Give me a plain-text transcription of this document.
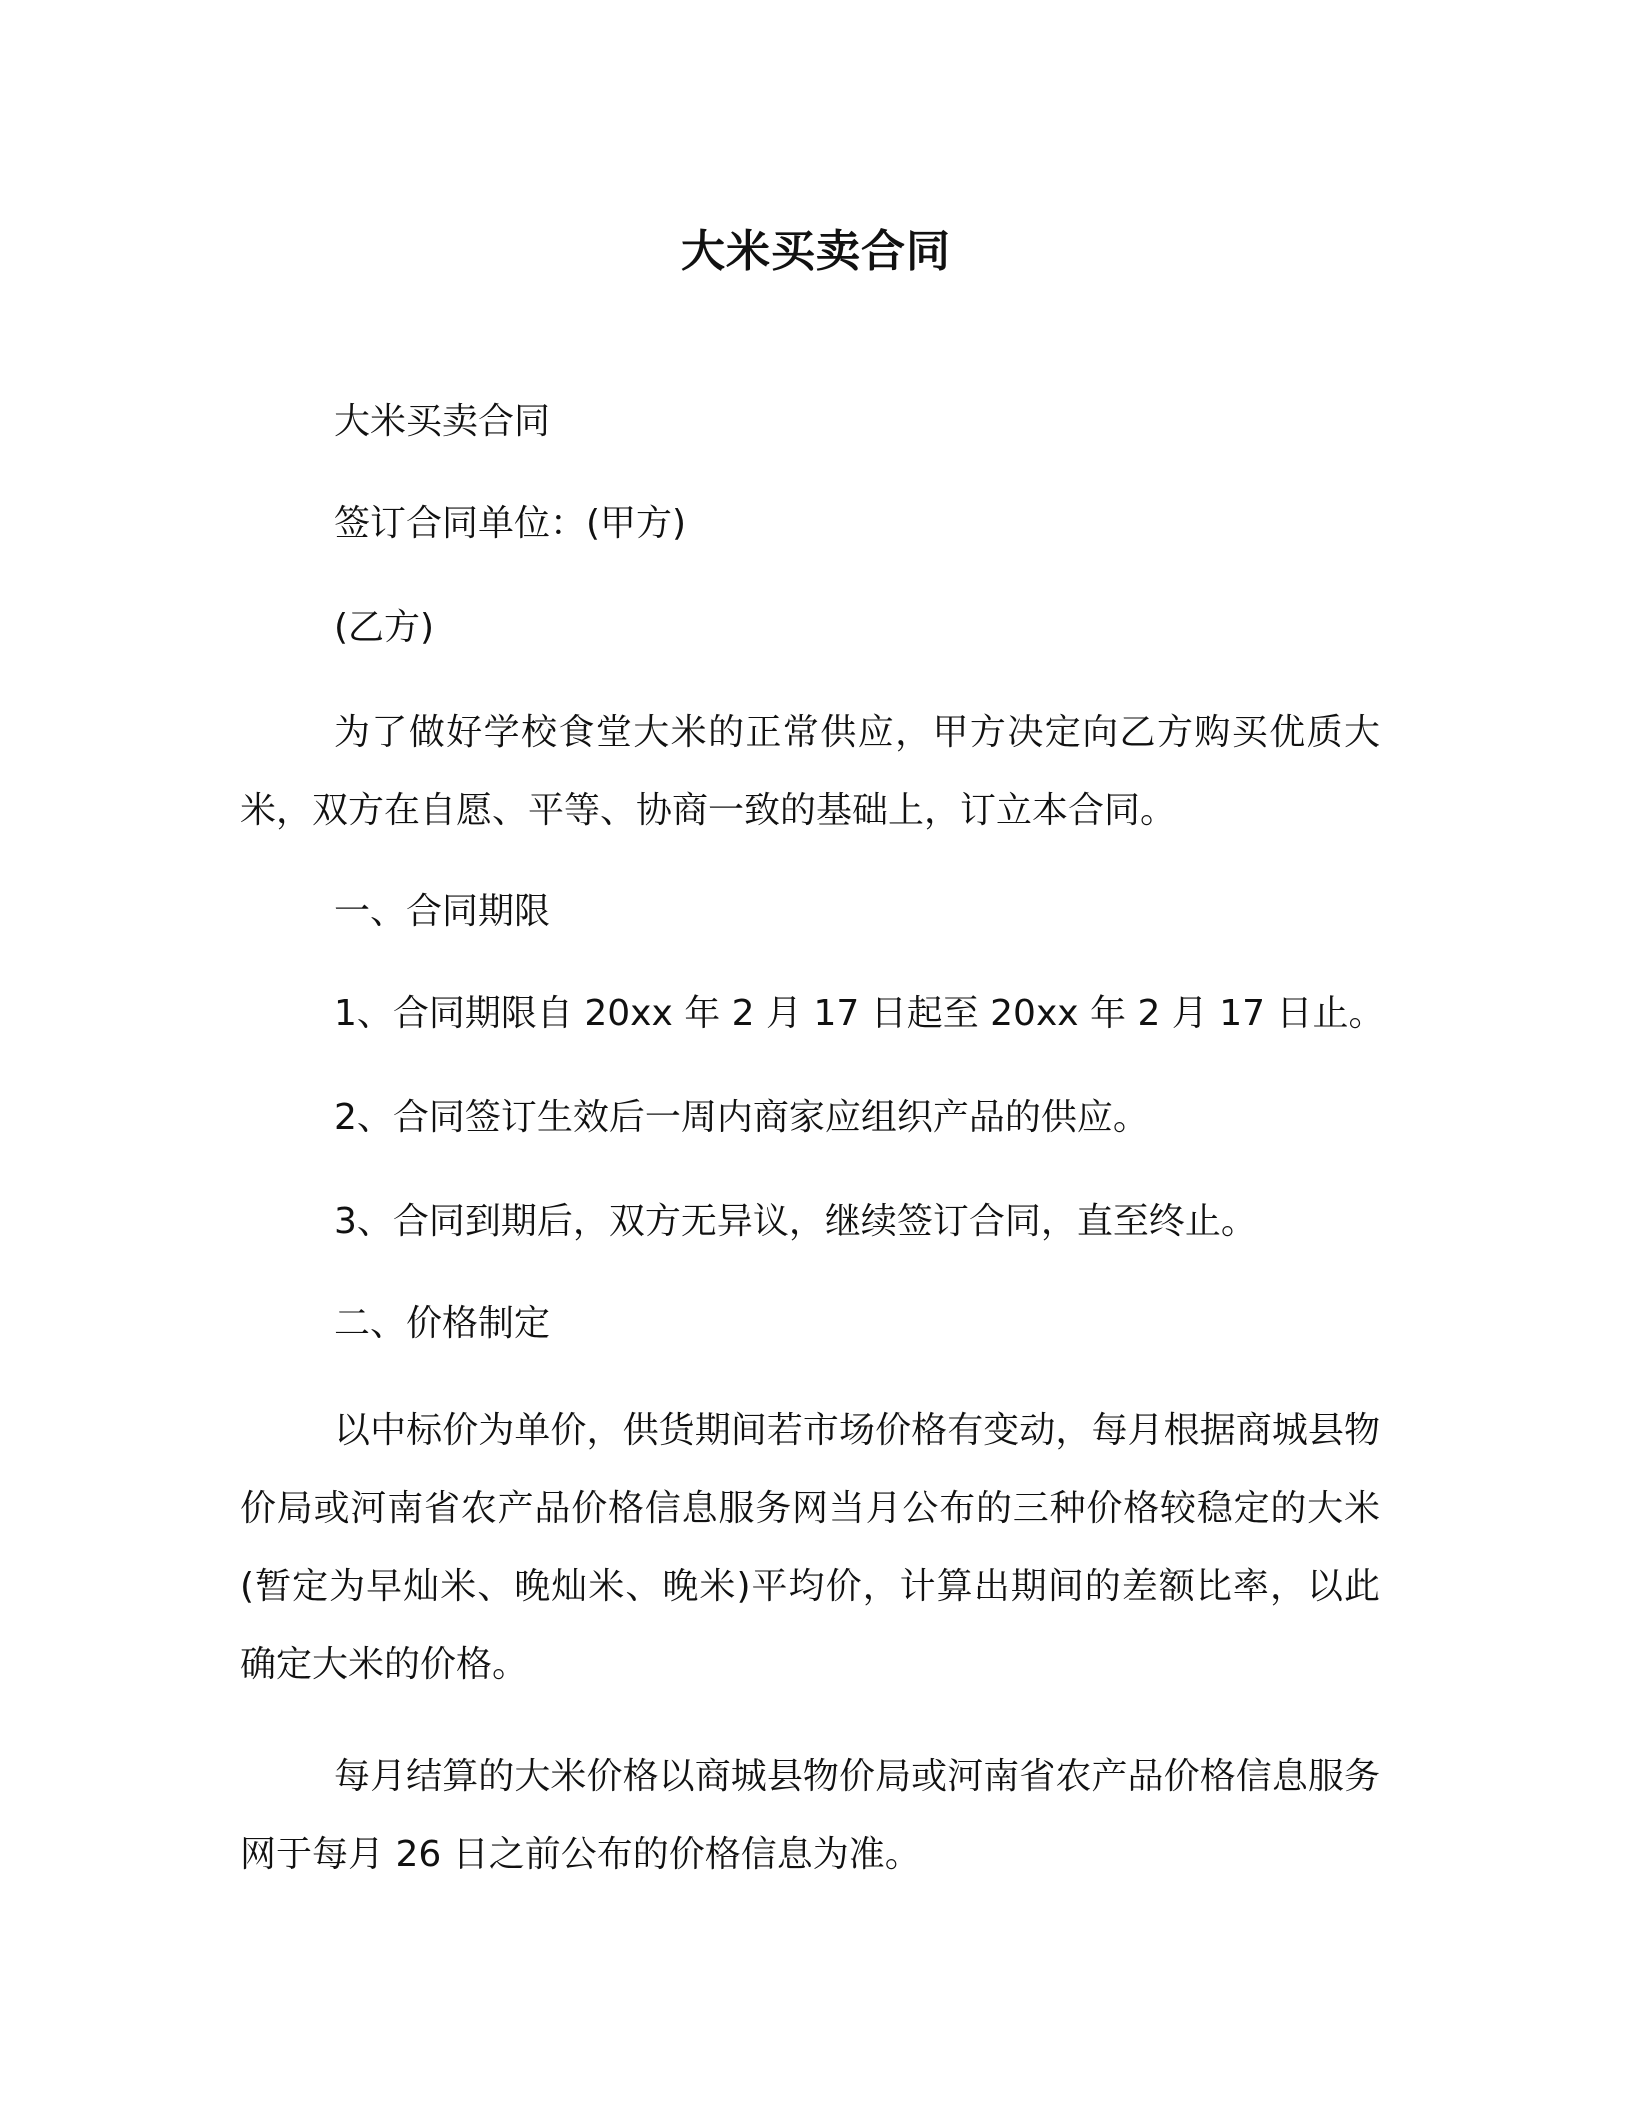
大米买卖合同

大米买卖合同

签订合同单位：(甲方)

(乙方)

为了做好学校食堂大米的正常供应，甲方决定向乙方购买优质大米，双方在自愿、平等、协商一致的基础上，订立本合同。

一、合同期限

1、合同期限自 20xx 年 2 月 17 日起至 20xx 年 2 月 17 日止。

2、合同签订生效后一周内商家应组织产品的供应。

3、合同到期后，双方无异议，继续签订合同，直至终止。

二、价格制定

以中标价为单价，供货期间若市场价格有变动，每月根据商城县物价局或河南省农产品价格信息服务网当月公布的三种价格较稳定的大米(暂定为早灿米、晚灿米、晚米)平均价，计算出期间的差额比率，以此确定大米的价格。

每月结算的大米价格以商城县物价局或河南省农产品价格信息服务网于每月 26 日之前公布的价格信息为准。
